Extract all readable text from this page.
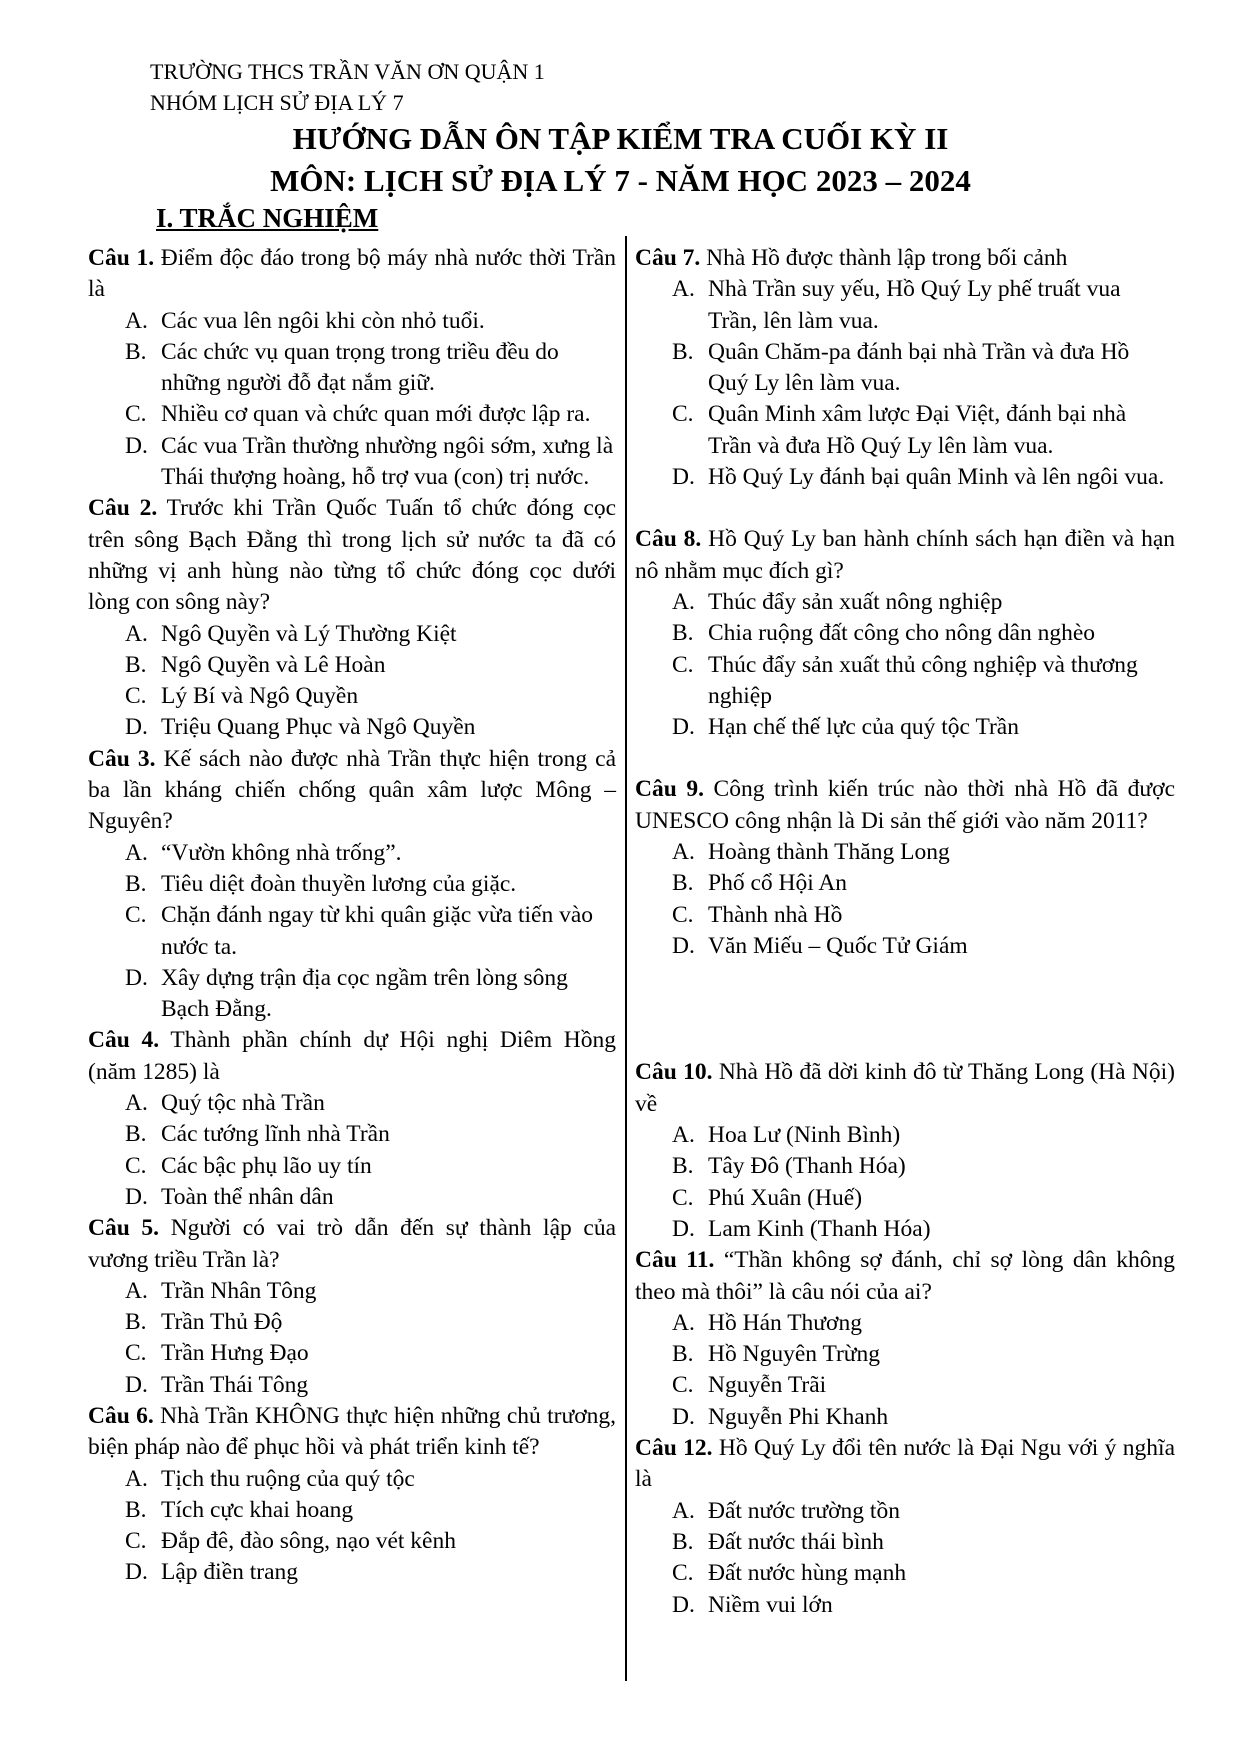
TRƯỜNG THCS TRẦN VĂN ƠN QUẬN 1
NHÓM LỊCH SỬ ĐỊA LÝ 7
HƯỚNG DẪN ÔN TẬP KIỂM TRA CUỐI KỲ II
MÔN: LỊCH SỬ ĐỊA LÝ 7 - NĂM HỌC 2023 – 2024
I. TRẮC NGHIỆM
Câu 1. Điểm độc đáo trong bộ máy nhà nước thời Trần là
A. Các vua lên ngôi khi còn nhỏ tuổi.
B. Các chức vụ quan trọng trong triều đều do những người đỗ đạt nắm giữ.
C. Nhiều cơ quan và chức quan mới được lập ra.
D. Các vua Trần thường nhường ngôi sớm, xưng là Thái thượng hoàng, hỗ trợ vua (con) trị nước.
Câu 2. Trước khi Trần Quốc Tuấn tổ chức đóng cọc trên sông Bạch Đằng thì trong lịch sử nước ta đã có những vị anh hùng nào từng tổ chức đóng cọc dưới lòng con sông này?
A. Ngô Quyền và Lý Thường Kiệt
B. Ngô Quyền và Lê Hoàn
C. Lý Bí và Ngô Quyền
D. Triệu Quang Phục và Ngô Quyền
Câu 3. Kế sách nào được nhà Trần thực hiện trong cả ba lần kháng chiến chống quân xâm lược Mông – Nguyên?
A. “Vườn không nhà trống”.
B. Tiêu diệt đoàn thuyền lương của giặc.
C. Chặn đánh ngay từ khi quân giặc vừa tiến vào nước ta.
D. Xây dựng trận địa cọc ngầm trên lòng sông Bạch Đằng.
Câu 4. Thành phần chính dự Hội nghị Diêm Hồng (năm 1285) là
A. Quý tộc nhà Trần
B. Các tướng lĩnh nhà Trần
C. Các bậc phụ lão uy tín
D. Toàn thể nhân dân
Câu 5. Người có vai trò dẫn đến sự thành lập của vương triều Trần là?
A. Trần Nhân Tông
B. Trần Thủ Độ
C. Trần Hưng Đạo
D. Trần Thái Tông
Câu 6. Nhà Trần KHÔNG thực hiện những chủ trương, biện pháp nào để phục hồi và phát triển kinh tế?
A. Tịch thu ruộng của quý tộc
B. Tích cực khai hoang
C. Đắp đê, đào sông, nạo vét kênh
D. Lập điền trang
Câu 7. Nhà Hồ được thành lập trong bối cảnh
A. Nhà Trần suy yếu, Hồ Quý Ly phế truất vua Trần, lên làm vua.
B. Quân Chăm-pa đánh bại nhà Trần và đưa Hồ Quý Ly lên làm vua.
C. Quân Minh xâm lược Đại Việt, đánh bại nhà Trần và đưa Hồ Quý Ly lên làm vua.
D. Hồ Quý Ly đánh bại quân Minh và lên ngôi vua.
Câu 8. Hồ Quý Ly ban hành chính sách hạn điền và hạn nô nhằm mục đích gì?
A. Thúc đẩy sản xuất nông nghiệp
B. Chia ruộng đất công cho nông dân nghèo
C. Thúc đẩy sản xuất thủ công nghiệp và thương nghiệp
D. Hạn chế thế lực của quý tộc Trần
Câu 9. Công trình kiến trúc nào thời nhà Hồ đã được UNESCO công nhận là Di sản thế giới vào năm 2011?
A. Hoàng thành Thăng Long
B. Phố cổ Hội An
C. Thành nhà Hồ
D. Văn Miếu – Quốc Tử Giám
Câu 10. Nhà Hồ đã dời kinh đô từ Thăng Long (Hà Nội) về
A. Hoa Lư (Ninh Bình)
B. Tây Đô (Thanh Hóa)
C. Phú Xuân (Huế)
D. Lam Kinh (Thanh Hóa)
Câu 11. “Thần không sợ đánh, chỉ sợ lòng dân không theo mà thôi” là câu nói của ai?
A. Hồ Hán Thương
B. Hồ Nguyên Trừng
C. Nguyễn Trãi
D. Nguyễn Phi Khanh
Câu 12. Hồ Quý Ly đổi tên nước là Đại Ngu với ý nghĩa là
A. Đất nước trường tồn
B. Đất nước thái bình
C. Đất nước hùng mạnh
D. Niềm vui lớn
